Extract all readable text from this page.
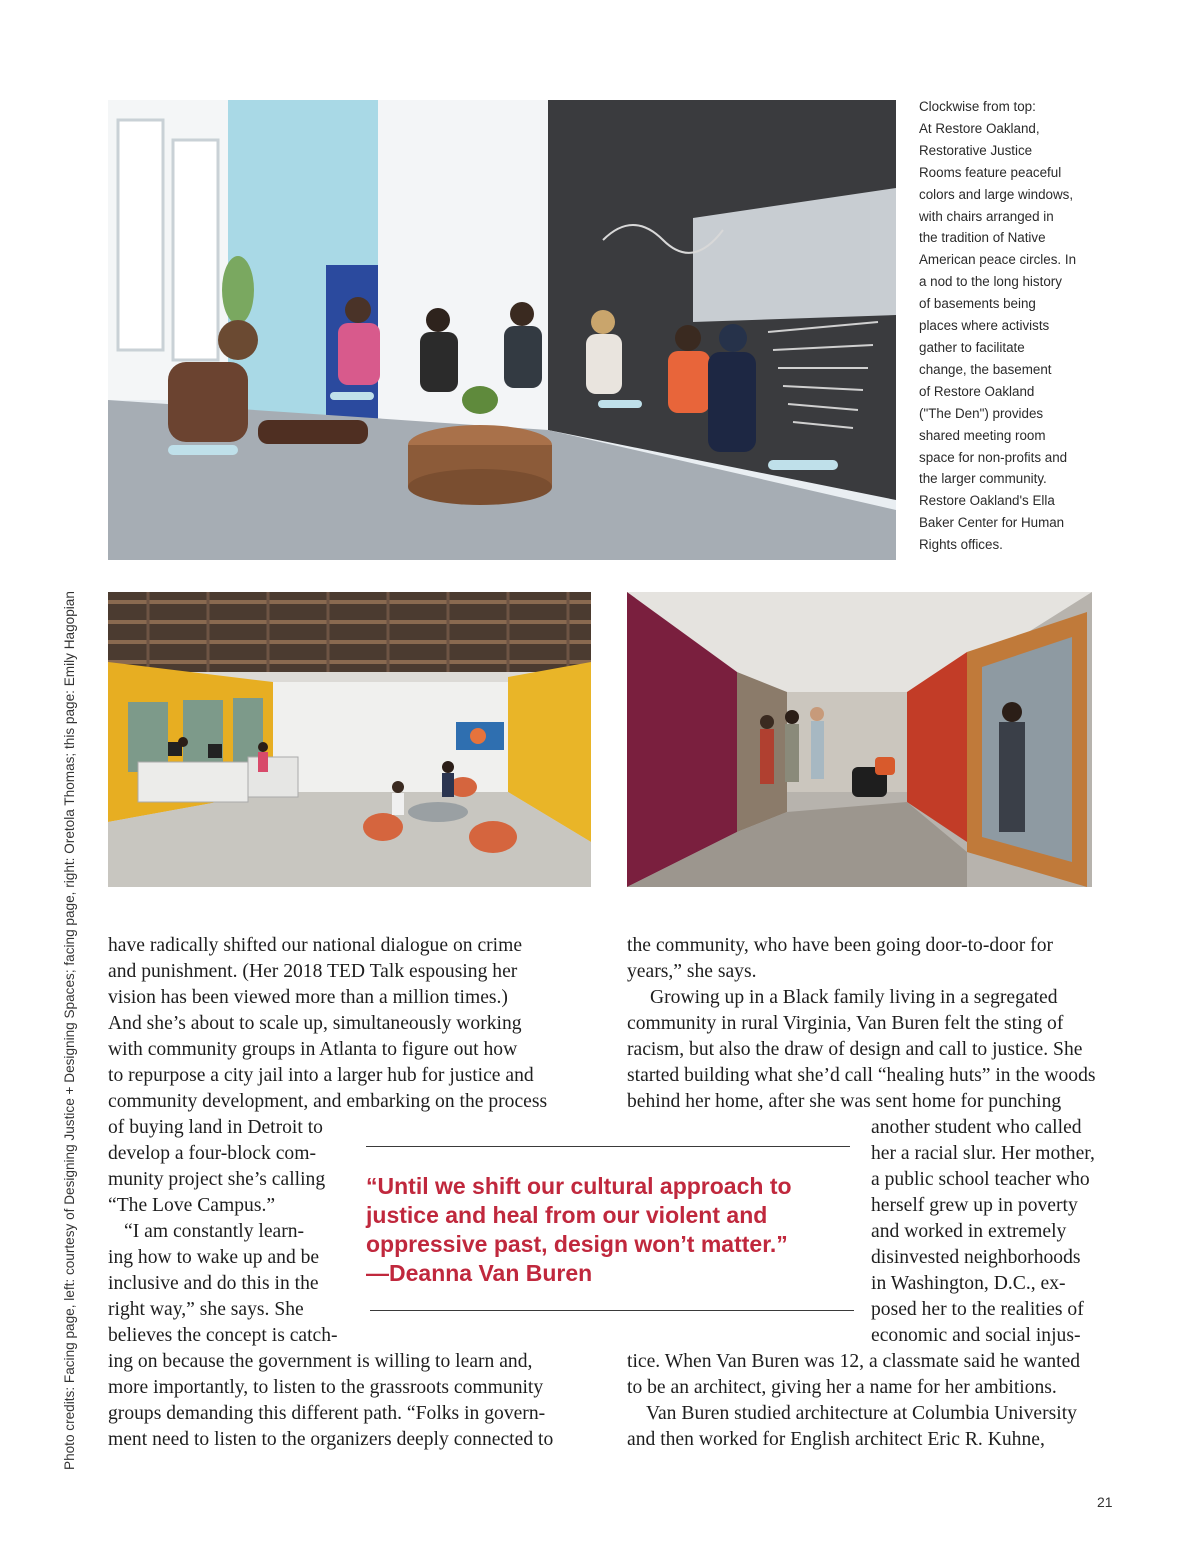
Clockwise from top:
At Restore Oakland,
Restorative Justice
Rooms feature peaceful
colors and large windows,
with chairs arranged in
the tradition of Native
American peace circles. In
a nod to the long history
of basements being
places where activists
gather to facilitate
change, the basement
of Restore Oakland
("The Den") provides
shared meeting room
space for non-profits and
the larger community.
Restore Oakland's Ella
Baker Center for Human
Rights offices.
Photo credits: Facing page, left: courtesy of Designing Justice + Designing Spaces; facing page, right: Oretola Thomas; this page: Emily Hagopian have radically shifted our national dialogue on crime
and punishment. (Her 2018 TED Talk espousing her
vision has been viewed more than a million times.)
And she’s about to scale up, simultaneously working
with community groups in Atlanta to figure out how
to repurpose a city jail into a larger hub for justice and
community development, and embarking on the process
of buying land in Detroit to
develop a four-block com-
munity project she’s calling
“The Love Campus.”
“I am constantly learn-
ing how to wake up and be
inclusive and do this in the
right way,” she says. She
believes the concept is catch-
ing on because the government is willing to learn and,
more importantly, to listen to the grassroots community
groups demanding this different path. “Folks in govern-
ment need to listen to the organizers deeply connected to
the community, who have been going door-to-door for
years,” she says.
Growing up in a Black family living in a segregated
community in rural Virginia, Van Buren felt the sting of
racism, but also the draw of design and call to justice. She
started building what she’d call “healing huts” in the woods
behind her home, after she was sent home for punching
another student who called
her a racial slur. Her mother,
a public school teacher who
herself grew up in poverty
and worked in extremely
disinvested neighborhoods
in Washington, D.C., ex-
posed her to the realities of
economic and social injus-
tice. When Van Buren was 12, a classmate said he wanted
to be an architect, giving her a name for her ambitions.
Van Buren studied architecture at Columbia University
and then worked for English architect Eric R. Kuhne,
“Until we shift our cultural approach to
justice and heal from our violent and
oppressive past, design won’t matter.”
—Deanna Van Buren
21
